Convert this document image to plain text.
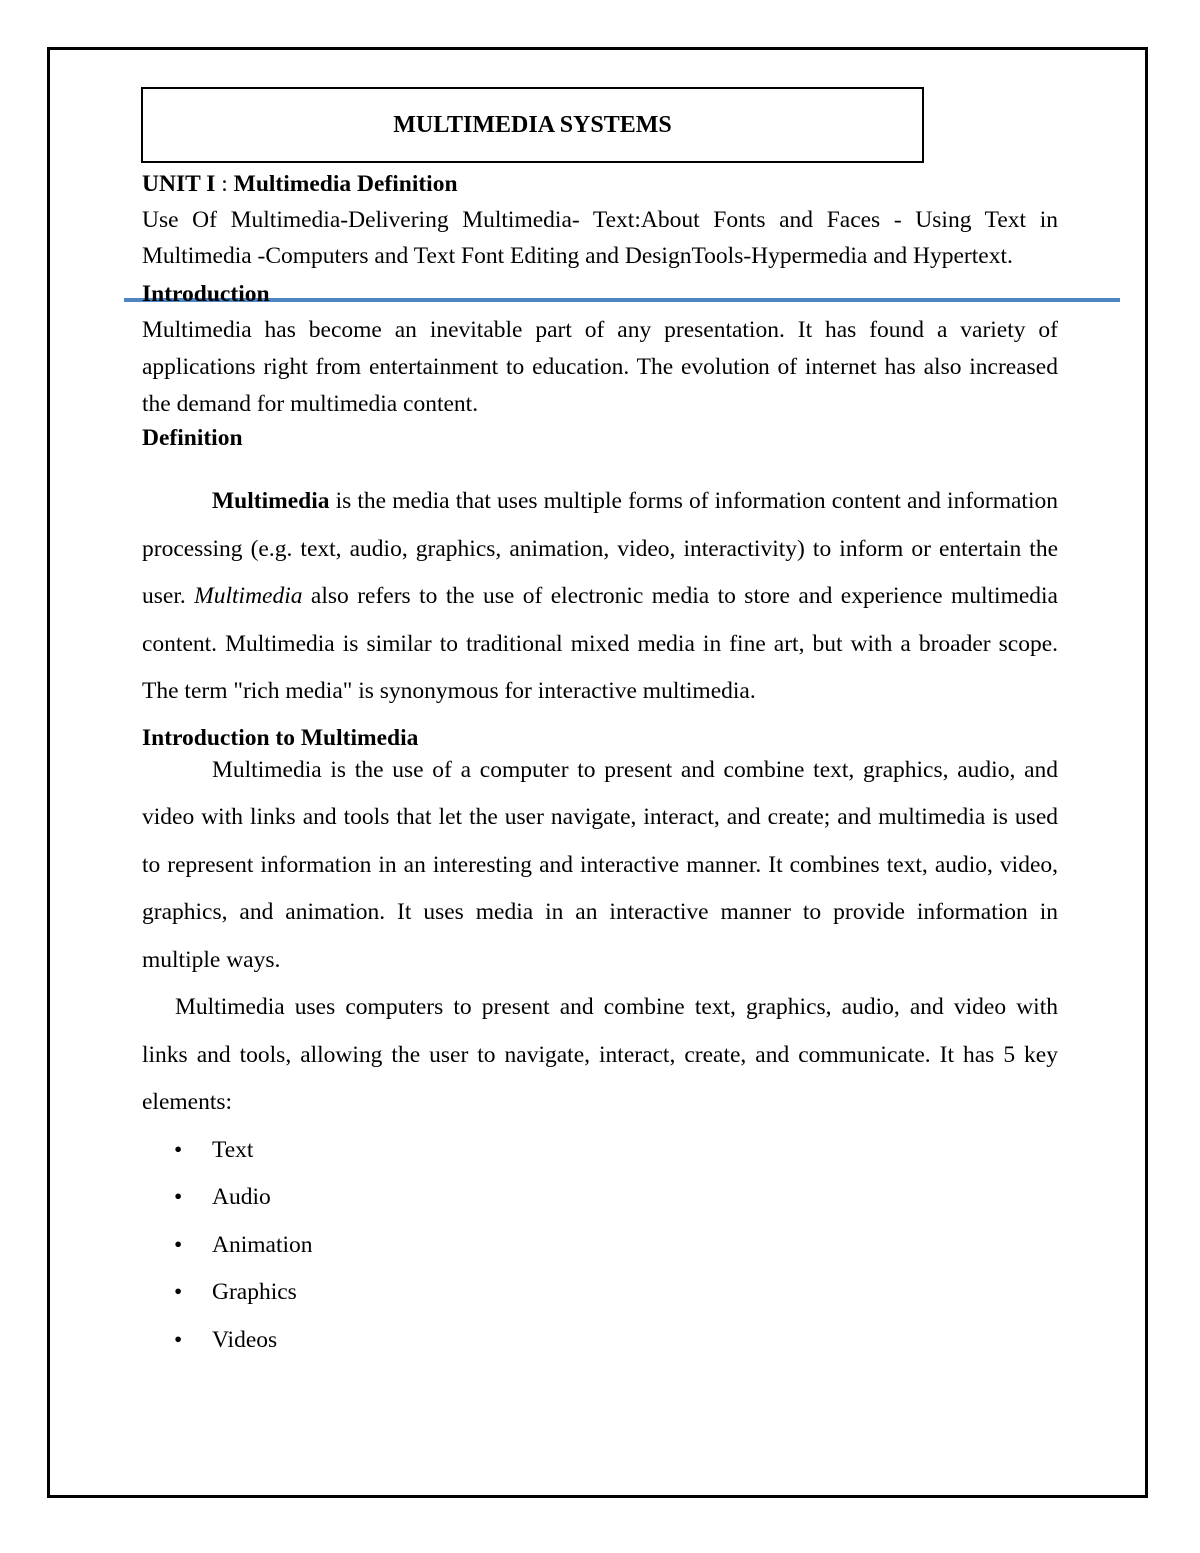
MULTIMEDIA SYSTEMS

UNIT I : Multimedia Definition

Use Of Multimedia-Delivering Multimedia- Text:About Fonts and Faces - Using Text in Multimedia -Computers and Text Font Editing and DesignTools-Hypermedia and Hypertext.

Introduction

Multimedia has become an inevitable part of any presentation. It has found a variety of applications right from entertainment to education. The evolution of internet has also increased the demand for multimedia content.

Definition

Multimedia is the media that uses multiple forms of information content and information processing (e.g. text, audio, graphics, animation, video, interactivity) to inform or entertain the user. Multimedia also refers to the use of electronic media to store and experience multimedia content. Multimedia is similar to traditional mixed media in fine art, but with a broader scope. The term "rich media" is synonymous for interactive multimedia.

Introduction to Multimedia

Multimedia is the use of a computer to present and combine text, graphics, audio, and video with links and tools that let the user navigate, interact, and create; and multimedia is used to represent information in an interesting and interactive manner. It combines text, audio, video, graphics, and animation. It uses media in an interactive manner to provide information in multiple ways.

Multimedia uses computers to present and combine text, graphics, audio, and video with links and tools, allowing the user to navigate, interact, create, and communicate. It has 5 key elements:

• Text
• Audio
• Animation
• Graphics
• Videos
